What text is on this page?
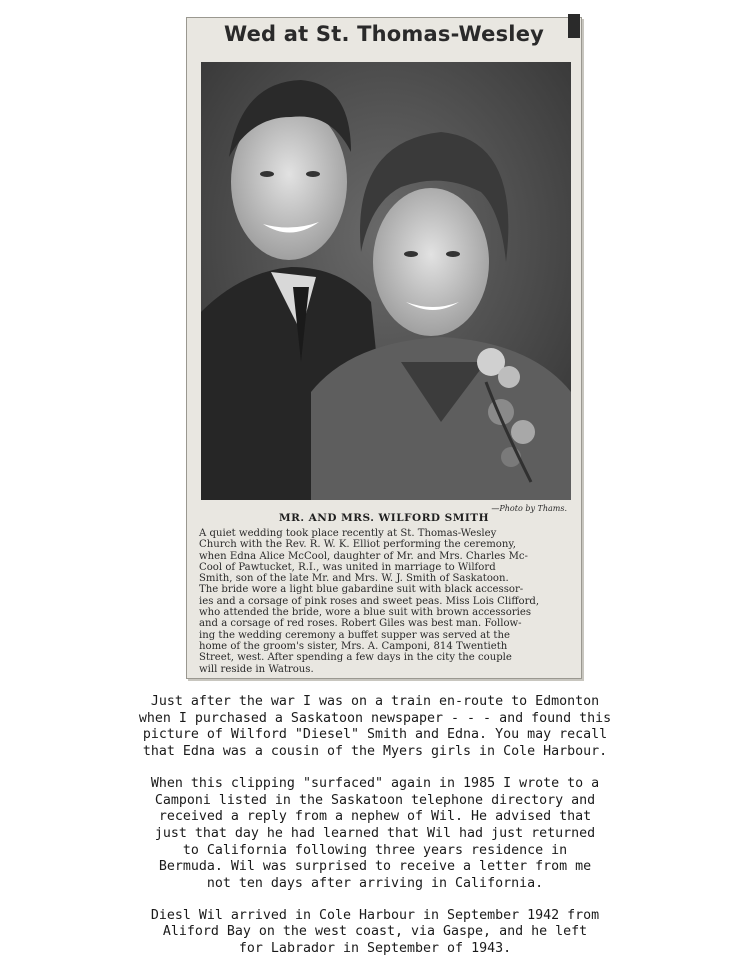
Wed at St. Thomas-Wesley
—Photo by Thams.
MR. AND MRS. WILFORD SMITH
A quiet wedding took place recently at St. Thomas-Wesley
Church with the Rev. R. W. K. Elliot performing the ceremony,
when Edna Alice McCool, daughter of Mr. and Mrs. Charles Mc-
Cool of Pawtucket, R.I., was united in marriage to Wilford
Smith, son of the late Mr. and Mrs. W. J. Smith of Saskatoon.
The bride wore a light blue gabardine suit with black accessor-
ies and a corsage of pink roses and sweet peas. Miss Lois Clifford,
who attended the bride, wore a blue suit with brown accessories
and a corsage of red roses. Robert Giles was best man. Follow-
ing the wedding ceremony a buffet supper was served at the
home of the groom's sister, Mrs. A. Camponi, 814 Twentieth
Street, west. After spending a few days in the city the couple
will reside in Watrous.
Just after the war I was on a train en-route to Edmonton
when I purchased a Saskatoon newspaper - - - and found this
picture of Wilford "Diesel" Smith and Edna. You may recall
that Edna was a cousin of the Myers girls in Cole Harbour.
When this clipping "surfaced" again in 1985 I wrote to a
Camponi listed in the Saskatoon telephone directory and
received a reply from a nephew of Wil. He advised that
just that day he had learned that Wil had just returned
to California following three years residence in
Bermuda. Wil was surprised to receive a letter from me
not ten days after arriving in California.
Diesl Wil arrived in Cole Harbour in September 1942 from
Aliford Bay on the west coast, via Gaspe, and he left
for Labrador in September of 1943.
